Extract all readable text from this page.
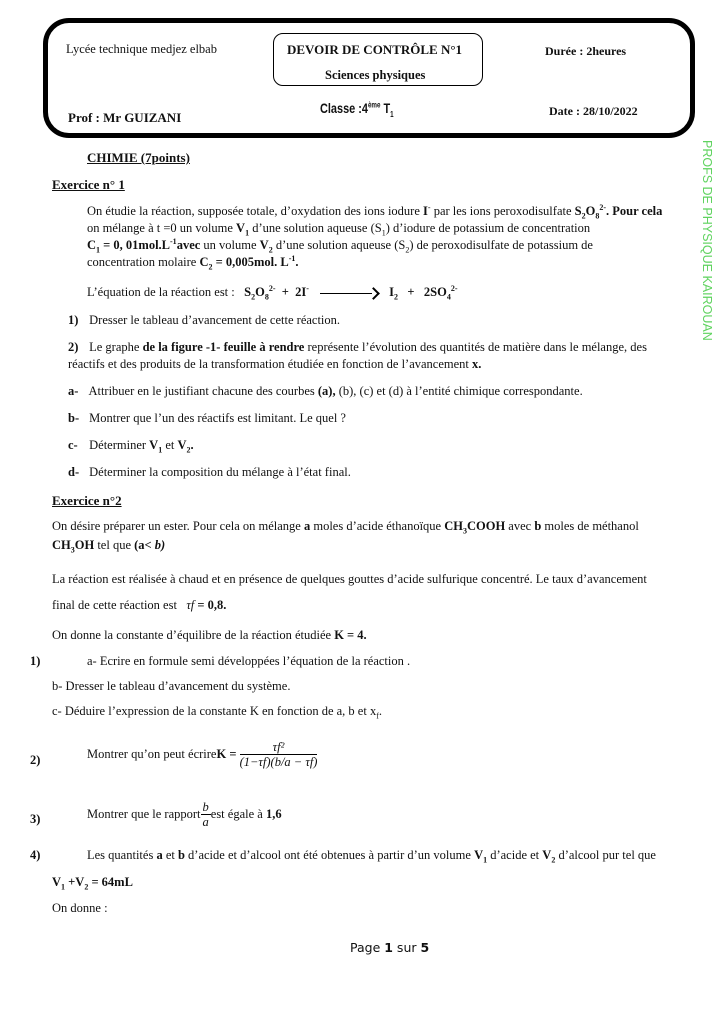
Lycée technique medjez elbab	DEVOIR DE CONTRÔLE N°1
Sciences physiques
Durée : 2heures
Prof : Mr GUIZANI
Classe :4ème $T_1$	Date : 28/10/2022
PROFS DE PHYSIQUE KAIROUAN
CHIMIE (7points)
Exercice n° 1
On étudie la réaction, supposée totale, d’oxydation des ions iodure I- par les ions peroxodisulfate $S_2O_8^{2-}$. Pour cela
on mélange à t =0 un volume $V_1$ d’une solution aqueuse $(S_1)$ d’iodure de potassium de concentration
$C_1 = 0$, $01mol.L^{-1}avec$ un volume $V_2$ d’une solution aqueuse $(S_2)$ de peroxodisulfate de potassium de
concentration molaire $C_2 = 0,005mol$. $L^{-1}$.
L’équation de la réaction est : $S_2O_8^{2-} + 2I^-$	$I_2 + 2SO_4^{2-}$
1) Dresser le tableau d’avancement de cette réaction.
2) Le graphe de la figure -1- feuille à rendre représente l’évolution des quantités de matière dans le mélange, des
réactifs et des produits de la transformation étudiée en fonction de l’avancement x.
a- Attribuer en le justifiant chacune des courbes (a), (b), (c) et (d) à l’entité chimique correspondante.
b- Montrer que l’un des réactifs est limitant. Le quel ?
c- Déterminer $V_1$ et $V_2$.
d- Déterminer la composition du mélange à l’état final.
Exercice n°2
On désire préparer un ester. Pour cela on mélange a moles d’acide éthanoïque $CH_3COOH$ avec b moles de méthanol
$CH_3OH$ tel que (a< b)
La réaction est réalisée à chaud et en présence de quelques gouttes d’acide sulfurique concentré. Le taux d’avancement
final de cette réaction est τf = 0,8.
On donne la constante d’équilibre de la réaction étudiée K = 4.
1)	a- Ecrire en formule semi développées l’équation de la réaction .
b- Dresser le tableau d’avancement du système.
c- Déduire l’expression de la constante K en fonction de a, b et $x_f$.
2)	Montrer qu’on peut écrire K =
$\frac{\text{τf²}}{(1-\tau f)(b/a - \tau f)}$
3)	Montrer que le rapport $\frac{b}{a}$ est égale à
1,6
4)	Les quantités a et b d’acide et d’alcool ont été obtenues à partir d’un volume $V_1$ d’acide et $V_2$ d’alcool pur tel que
$V_1 +V_2 = 64mL$
On donne :
Page 1 sur 5
